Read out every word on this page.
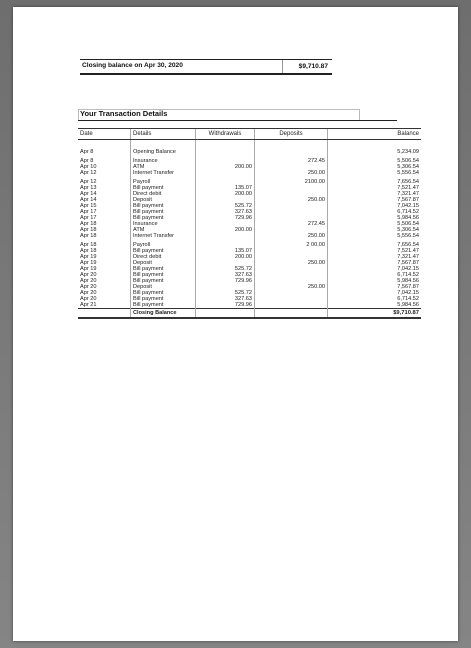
Closing balance on Apr 30, 2020	$9,710.87
Your Transaction Details
Date	Details	Withdrawals	Deposits	Balance

Apr 8	Opening Balance			5,234.09
Apr 8	Insurance		272.45	5,506.54
Apr 10	ATM	200.00		5,306.54
Apr 12	Internet Transfer		250.00	5,556.54
Apr 12	Payroll		2100.00	7,656.54
Apr 13	Bill payment	135.07		7,521.47
Apr 14	Direct debit	200.00		7,321.47
Apr 14	Deposit		250.00	7,567.87
Apr 15	Bill payment	525.72		7,042.15
Apr 17	Bill payment	327.63		6,714.52
Apr 17	Bill payment	729.96		5,984.56
Apr 18	Insurance		272.45	5,506.54
Apr 18	ATM	200.00		5,306.54
Apr 18	Internet Transfer		250.00	5,556.54
Apr 18	Payroll		2 00.00	7,656.54
Apr 18	Bill payment	135.07		7,521.47
Apr 19	Direct debit	200.00		7,321.47
Apr 19	Deposit		250.00	7,567.87
Apr 19	Bill payment	525.72		7,042.15
Apr 20	Bill payment	327.63		6,714.52
Apr 20	Bill payment	729.96		5,984.56
Apr 20	Deposit		250.00	7,567.87
Apr 20	Bill payment	525.72		7,042.15
Apr 20	Bill payment	327.63		6,714.52
Apr 21	Bill payment	729.96		5,984.56
	Closing Balance			$9,710.87
